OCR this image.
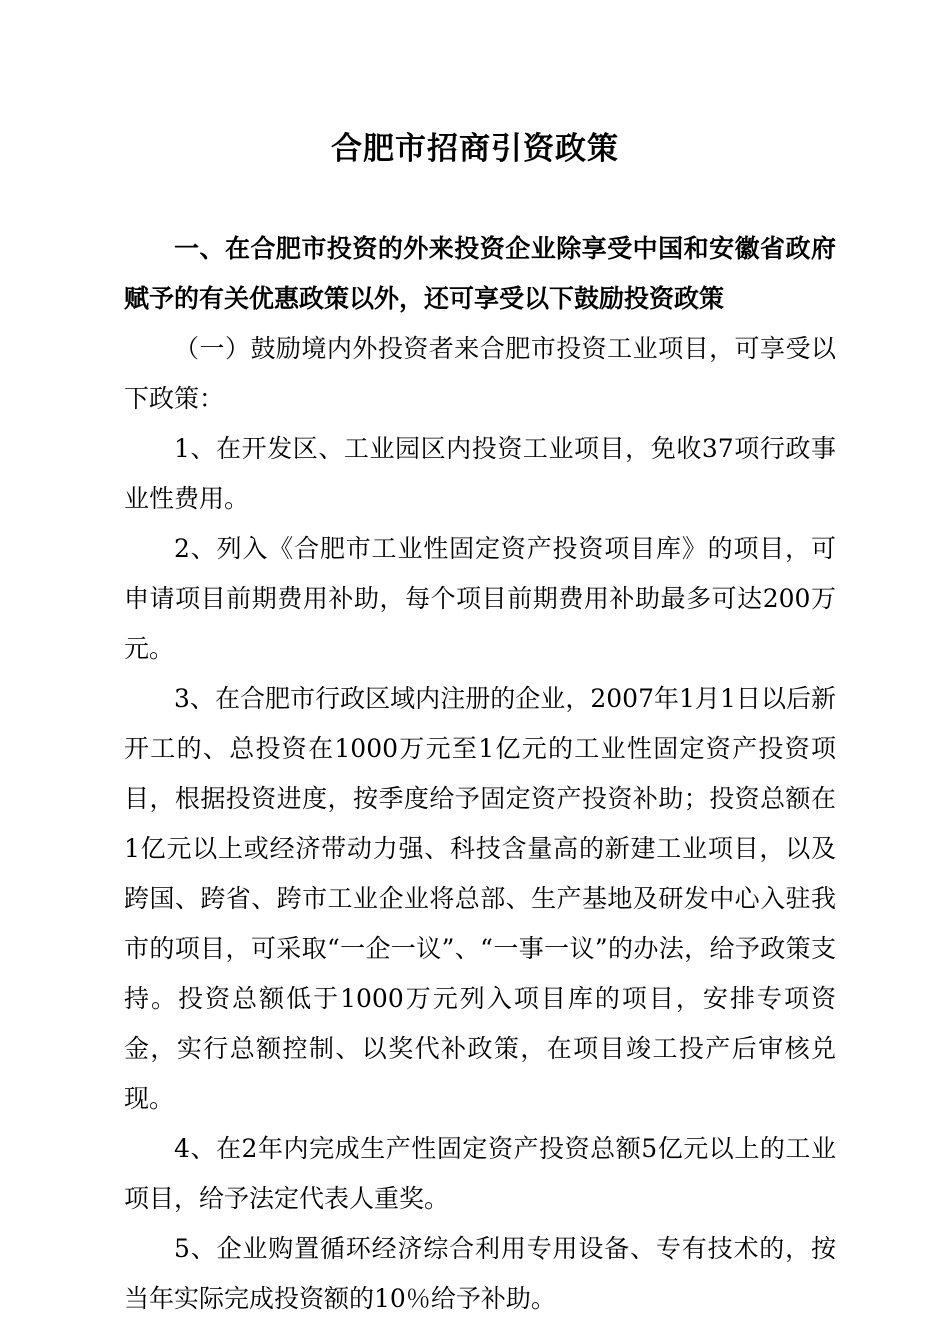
合肥市招商引资政策

一、在合肥市投资的外来投资企业除享受中国和安徽省政府赋予的有关优惠政策以外，还可享受以下鼓励投资政策

（一）鼓励境内外投资者来合肥市投资工业项目，可享受以下政策：

1、在开发区、工业园区内投资工业项目，免收37项行政事业性费用。

2、列入《合肥市工业性固定资产投资项目库》的项目，可申请项目前期费用补助，每个项目前期费用补助最多可达200万元。

3、在合肥市行政区域内注册的企业，2007年1月1日以后新开工的、总投资在1000万元至1亿元的工业性固定资产投资项目，根据投资进度，按季度给予固定资产投资补助；投资总额在1亿元以上或经济带动力强、科技含量高的新建工业项目，以及跨国、跨省、跨市工业企业将总部、生产基地及研发中心入驻我市的项目，可采取“一企一议”、“一事一议”的办法，给予政策支持。投资总额低于1000万元列入项目库的项目，安排专项资金，实行总额控制、以奖代补政策，在项目竣工投产后审核兑现。

4、在2年内完成生产性固定资产投资总额5亿元以上的工业项目，给予法定代表人重奖。

5、企业购置循环经济综合利用专用设备、专有技术的，按当年实际完成投资额的10％给予补助。
